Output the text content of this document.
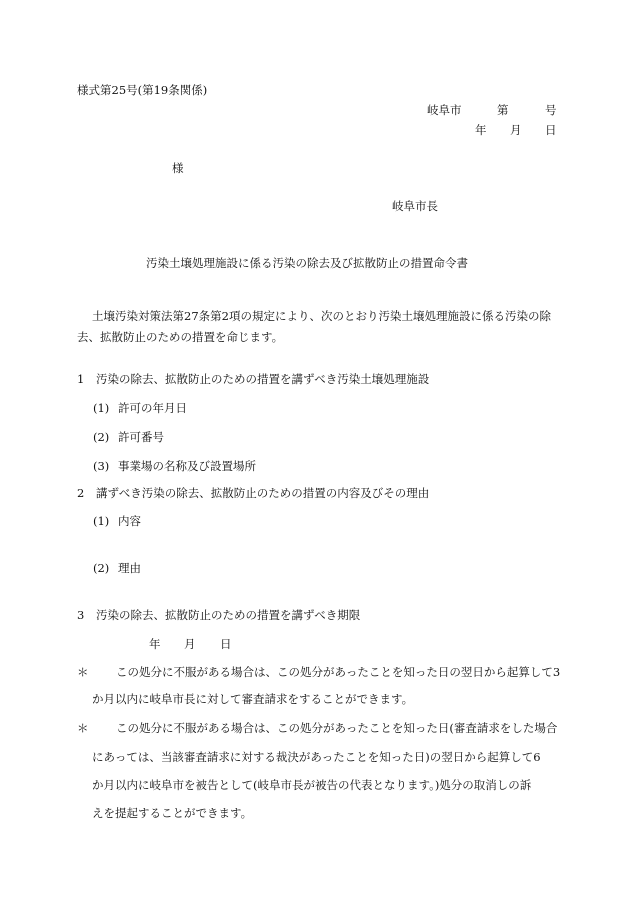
様式第25号(第19条関係)
岐阜市	第	号
年 月 日
様
岐阜市長
汚染土壌処理施設に係る汚染の除去及び拡散防止の措置命令書
土壌汚染対策法第27条第2項の規定により、次のとおり汚染土壌処理施設に係る汚染の除
去、拡散防止のための措置を命じます。
1 汚染の除去、拡散防止のための措置を講ずべき汚染土壌処理施設
(1) 許可の年月日
(2) 許可番号
(3) 事業場の名称及び設置場所
2 講ずべき汚染の除去、拡散防止のための措置の内容及びその理由
(1) 内容
(2) 理由
3 汚染の除去、拡散防止のための措置を講ずべき期限
年 月 日
＊ この処分に不服がある場合は、この処分があったことを知った日の翌日から起算して3
か月以内に岐阜市長に対して審査請求をすることができます。
＊ この処分に不服がある場合は、この処分があったことを知った日(審査請求をした場合
にあっては、当該審査請求に対する裁決があったことを知った日)の翌日から起算して6
か月以内に岐阜市を被告として(岐阜市長が被告の代表となります。)処分の取消しの訴
えを提起することができます。
